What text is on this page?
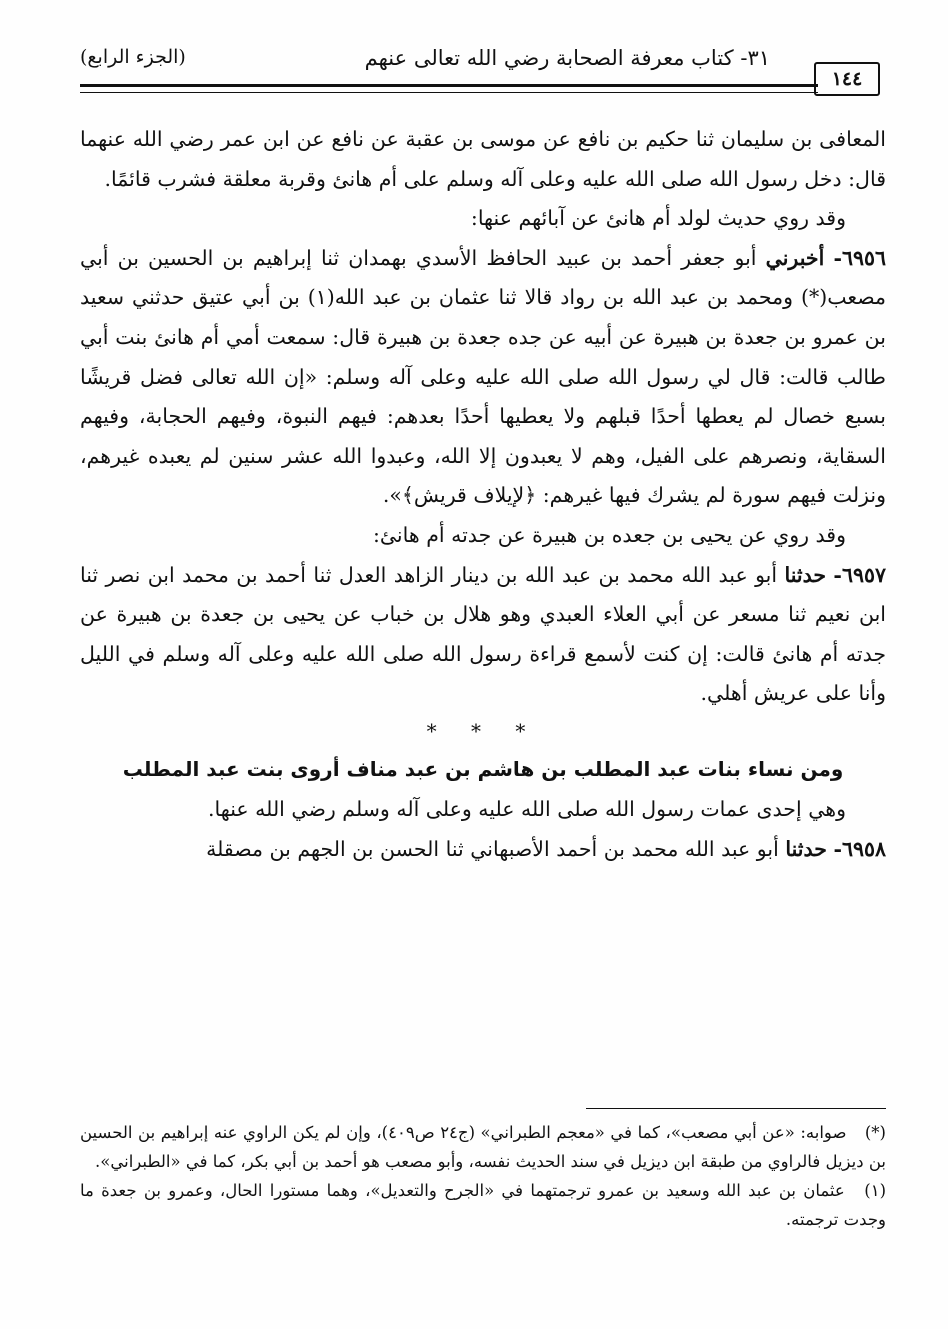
١٤٤
٣١- كتاب معرفة الصحابة رضي الله تعالى عنهم
(الجزء الرابع)

المعافى بن سليمان ثنا حكيم بن نافع عن موسى بن عقبة عن نافع عن ابن عمر رضي الله عنهما قال: دخل رسول الله صلى الله عليه وعلى آله وسلم على أم هانئ وقربة معلقة فشرب قائمًا.

وقد روي حديث لولد أم هانئ عن آبائهم عنها:

٦٩٥٦- أخبرني أبو جعفر أحمد بن عبيد الحافظ الأسدي بهمدان ثنا إبراهيم بن الحسين بن أبي مصعب(*) ومحمد بن عبد الله بن رواد قالا ثنا عثمان بن عبد الله(١) بن أبي عتيق حدثني سعيد بن عمرو بن جعدة بن هبيرة عن أبيه عن جده جعدة بن هبيرة قال: سمعت أمي أم هانئ بنت أبي طالب قالت: قال لي رسول الله صلى الله عليه وعلى آله وسلم: «إن الله تعالى فضل قريشًا بسبع خصال لم يعطها أحدًا قبلهم ولا يعطيها أحدًا بعدهم: فيهم النبوة، وفيهم الحجابة، وفيهم السقاية، ونصرهم على الفيل، وهم لا يعبدون إلا الله، وعبدوا الله عشر سنين لم يعبده غيرهم، ونزلت فيهم سورة لم يشرك فيها غيرهم: ﴿لإيلاف قريش﴾».

وقد روي عن يحيى بن جعده بن هبيرة عن جدته أم هانئ:

٦٩٥٧- حدثنا أبو عبد الله محمد بن عبد الله بن دينار الزاهد العدل ثنا أحمد بن محمد ابن نصر ثنا ابن نعيم ثنا مسعر عن أبي العلاء العبدي وهو هلال بن خباب عن يحيى بن جعدة بن هبيرة عن جدته أم هانئ قالت: إن كنت لأسمع قراءة رسول الله صلى الله عليه وعلى آله وسلم في الليل وأنا على عريش أهلي.

* * *

ومن نساء بنات عبد المطلب بن هاشم بن عبد مناف أروى بنت عبد المطلب

وهي إحدى عمات رسول الله صلى الله عليه وعلى آله وسلم رضي الله عنها.

٦٩٥٨- حدثنا أبو عبد الله محمد بن أحمد الأصبهاني ثنا الحسن بن الجهم بن مصقلة

(*) صوابه: «عن أبي مصعب»، كما في «معجم الطبراني» (ج٢٤ ص٤٠٩)، وإن لم يكن الراوي عنه إبراهيم بن الحسين بن ديزيل فالراوي من طبقة ابن ديزيل في سند الحديث نفسه، وأبو مصعب هو أحمد بن أبي بكر، كما في «الطبراني».

(١) عثمان بن عبد الله وسعيد بن عمرو ترجمتهما في «الجرح والتعديل»، وهما مستورا الحال، وعمرو بن جعدة ما وجدت ترجمته.
